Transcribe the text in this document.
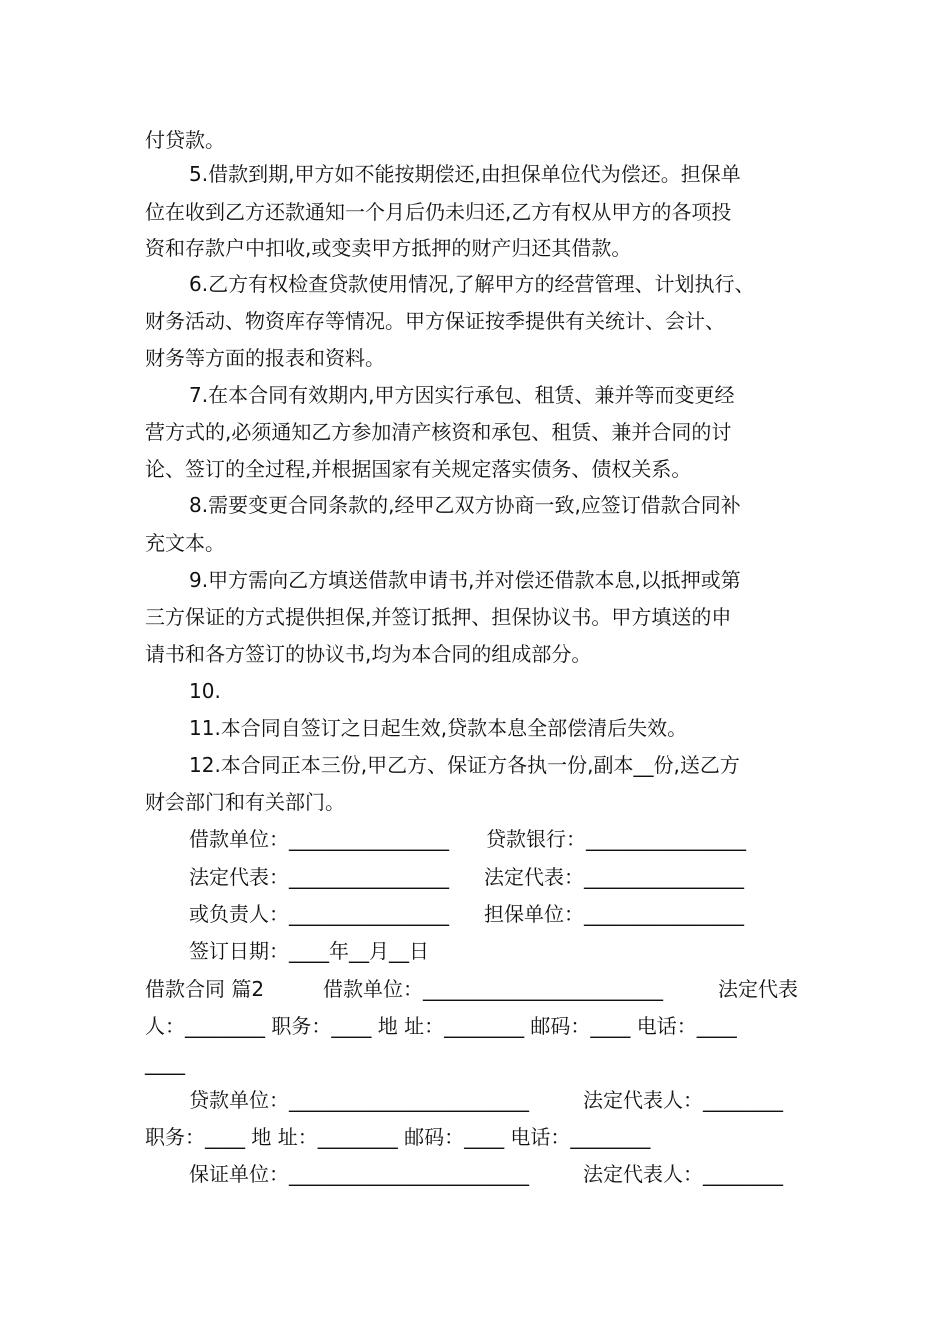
付贷款。
5.借款到期,甲方如不能按期偿还,由担保单位代为偿还。担保单
位在收到乙方还款通知一个月后仍未归还,乙方有权从甲方的各项投
资和存款户中扣收,或变卖甲方抵押的财产归还其借款。
6.乙方有权检查贷款使用情况,了解甲方的经营管理、计划执行、
财务活动、物资库存等情况。甲方保证按季提供有关统计、会计、
财务等方面的报表和资料。
7.在本合同有效期内,甲方因实行承包、租赁、兼并等而变更经
营方式的,必须通知乙方参加清产核资和承包、租赁、兼并合同的讨
论、签订的全过程,并根据国家有关规定落实债务、债权关系。
8.需要变更合同条款的,经甲乙双方协商一致,应签订借款合同补
充文本。
9.甲方需向乙方填送借款申请书,并对偿还借款本息,以抵押或第
三方保证的方式提供担保,并签订抵押、担保协议书。甲方填送的申
请书和各方签订的协议书,均为本合同的组成部分。
10.
11.本合同自签订之日起生效,贷款本息全部偿清后失效。
12.本合同正本三份,甲乙方、保证方各执一份,副本__份,送乙方
财会部门和有关部门。
借款单位：________________ 贷款银行：________________
法定代表：________________ 法定代表：________________
或负责人：________________ 担保单位：________________
签订日期：____年__月__日
借款合同 篇2	借款单位：________________________	法定代表
人：________ 职务：____ 地 址：________ 邮码：____ 电话：____
____
贷款单位：________________________	法定代表人：________
职务：____ 地 址：________ 邮码：____ 电话：________
保证单位：________________________	法定代表人：________
